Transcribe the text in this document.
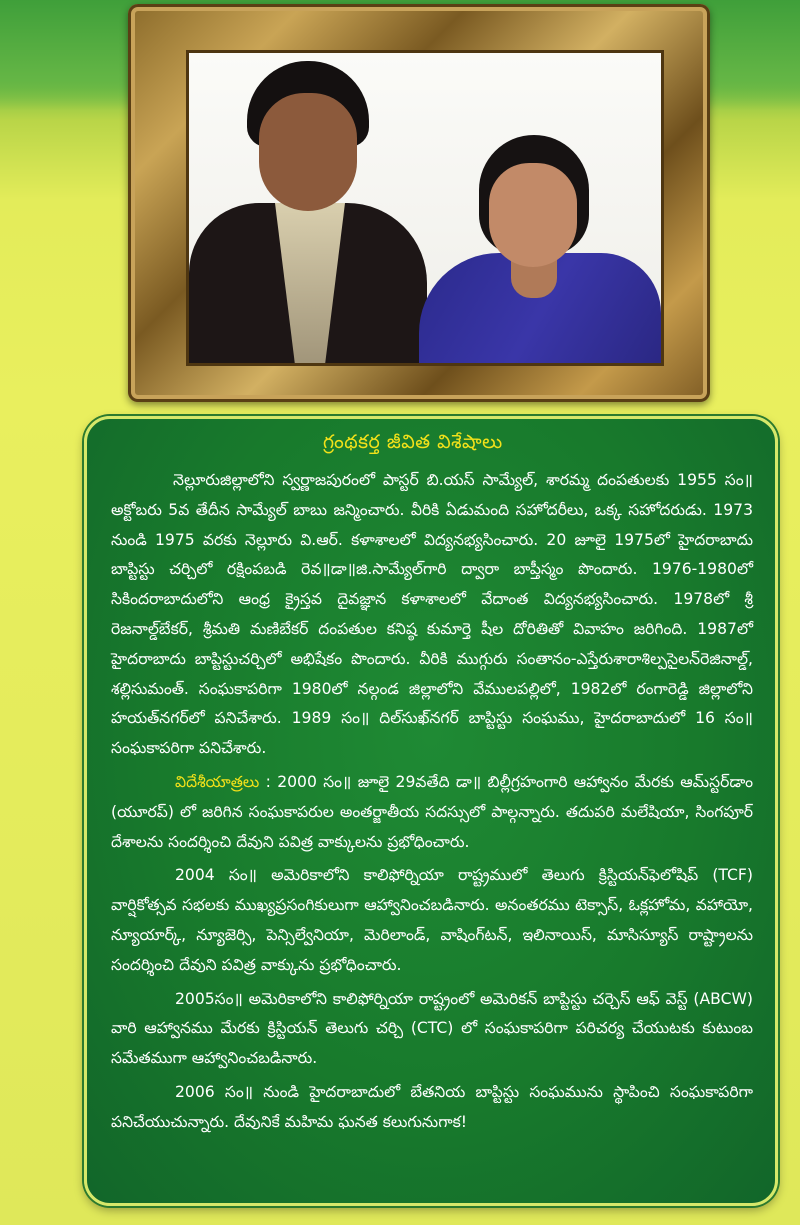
గ్రంథకర్త జీవిత విశేషాలు

నెల్లూరుజిల్లాలోని స్వర్ణాజపురంలో పాస్టర్ బి.యస్ సామ్యేల్, శారమ్మ దంపతులకు 1955 సం॥ అక్టోబరు 5వ తేదీన సామ్యేల్ బాబు జన్మించారు. వీరికి ఏడుమంది సహోదరీలు, ఒక్క సహోదరుడు. 1973 నుండి 1975 వరకు నెల్లూరు వి.ఆర్. కళాశాలలో విద్యనభ్యసించారు. 20 జూలై 1975లో హైదరాబాదు బాప్టిస్టు చర్చిలో రక్షింపబడి రెవ॥డా॥జి.సామ్యేల్‌గారి ద్వారా బాప్తీస్మం పొందారు. 1976-1980లో సికిందరాబాదులోని ఆంధ్ర క్రైస్తవ దైవజ్ఞాన కళాశాలలో వేదాంత విద్యనభ్యసించారు. 1978లో శ్రీ రెజనాల్డ్‌బేకర్, శ్రీమతి మణిబేకర్ దంపతుల కనిష్ఠ కుమార్తె షీల దోరితితో వివాహం జరిగింది. 1987లో హైదరాబాదు బాప్టిస్టుచర్చిలో అభిషేకం పొందారు. వీరికి ముగ్గురు సంతానం-ఎస్తేరుశారాశిల్పసైలన్‌రెజినాల్డ్, శల్లిసుమంత్. సంఘకాపరిగా 1980లో నల్గండ జిల్లాలోని వేములపల్లిలో, 1982లో రంగారెడ్డి జిల్లాలోని హయత్‌నగర్‌లో పనిచేశారు. 1989 సం॥ దిల్‌సుఖ్‌నగర్ బాప్టిస్టు సంఘము, హైదరాబాదులో 16 సం॥ సంఘకాపరిగా పనిచేశారు.

విదేశీయాత్రలు : 2000 సం॥ జూలై 29వతేది డా॥ బిల్లీగ్రహంగారి ఆహ్వానం మేరకు ఆమ్‌స్టర్‌డాం (యూరప్) లో జరిగిన సంఘకాపరుల అంతర్జాతీయ సదస్సులో పాల్గన్నారు. తదుపరి మలేషియా, సింగపూర్ దేశాలను సందర్శించి దేవుని పవిత్ర వాక్కులను ప్రభోధించారు.

2004 సం॥ అమెరికాలోని కాలిఫోర్నియా రాష్ట్రములో తెలుగు క్రిస్టియన్‌ఫెలోషిప్ (TCF) వార్షికోత్సవ సభలకు ముఖ్యప్రసంగికులుగా ఆహ్వానించబడినారు. అనంతరము టెక్సాస్, ఓక్లహోమ, వహాయో, న్యూయార్క్, న్యూజెర్సి, పెన్సిల్వేనియా, మెరిలాండ్, వాషింగ్‌టన్, ఇలినాయిస్, మాసిస్యూస్ రాష్ట్రాలను సందర్శించి దేవుని పవిత్ర వాక్కును ప్రభోధించారు.

2005సం॥ అమెరికాలోని కాలిఫోర్నియా రాష్ట్రంలో అమెరికన్ బాప్టిస్టు చర్చెస్ ఆఫ్ వెస్ట్ (ABCW) వారి ఆహ్వానము మేరకు క్రిస్టియన్ తెలుగు చర్చి (CTC) లో సంఘకాపరిగా పరిచర్య చేయుటకు కుటుంబ సమేతముగా ఆహ్వానించబడినారు.

2006 సం॥ నుండి హైదరాబాదులో బేతనియ బాప్టిస్టు సంఘమును స్థాపించి సంఘకాపరిగా పనిచేయుచున్నారు. దేవునికే మహిమ ఘనత కలుగునుగాక!
